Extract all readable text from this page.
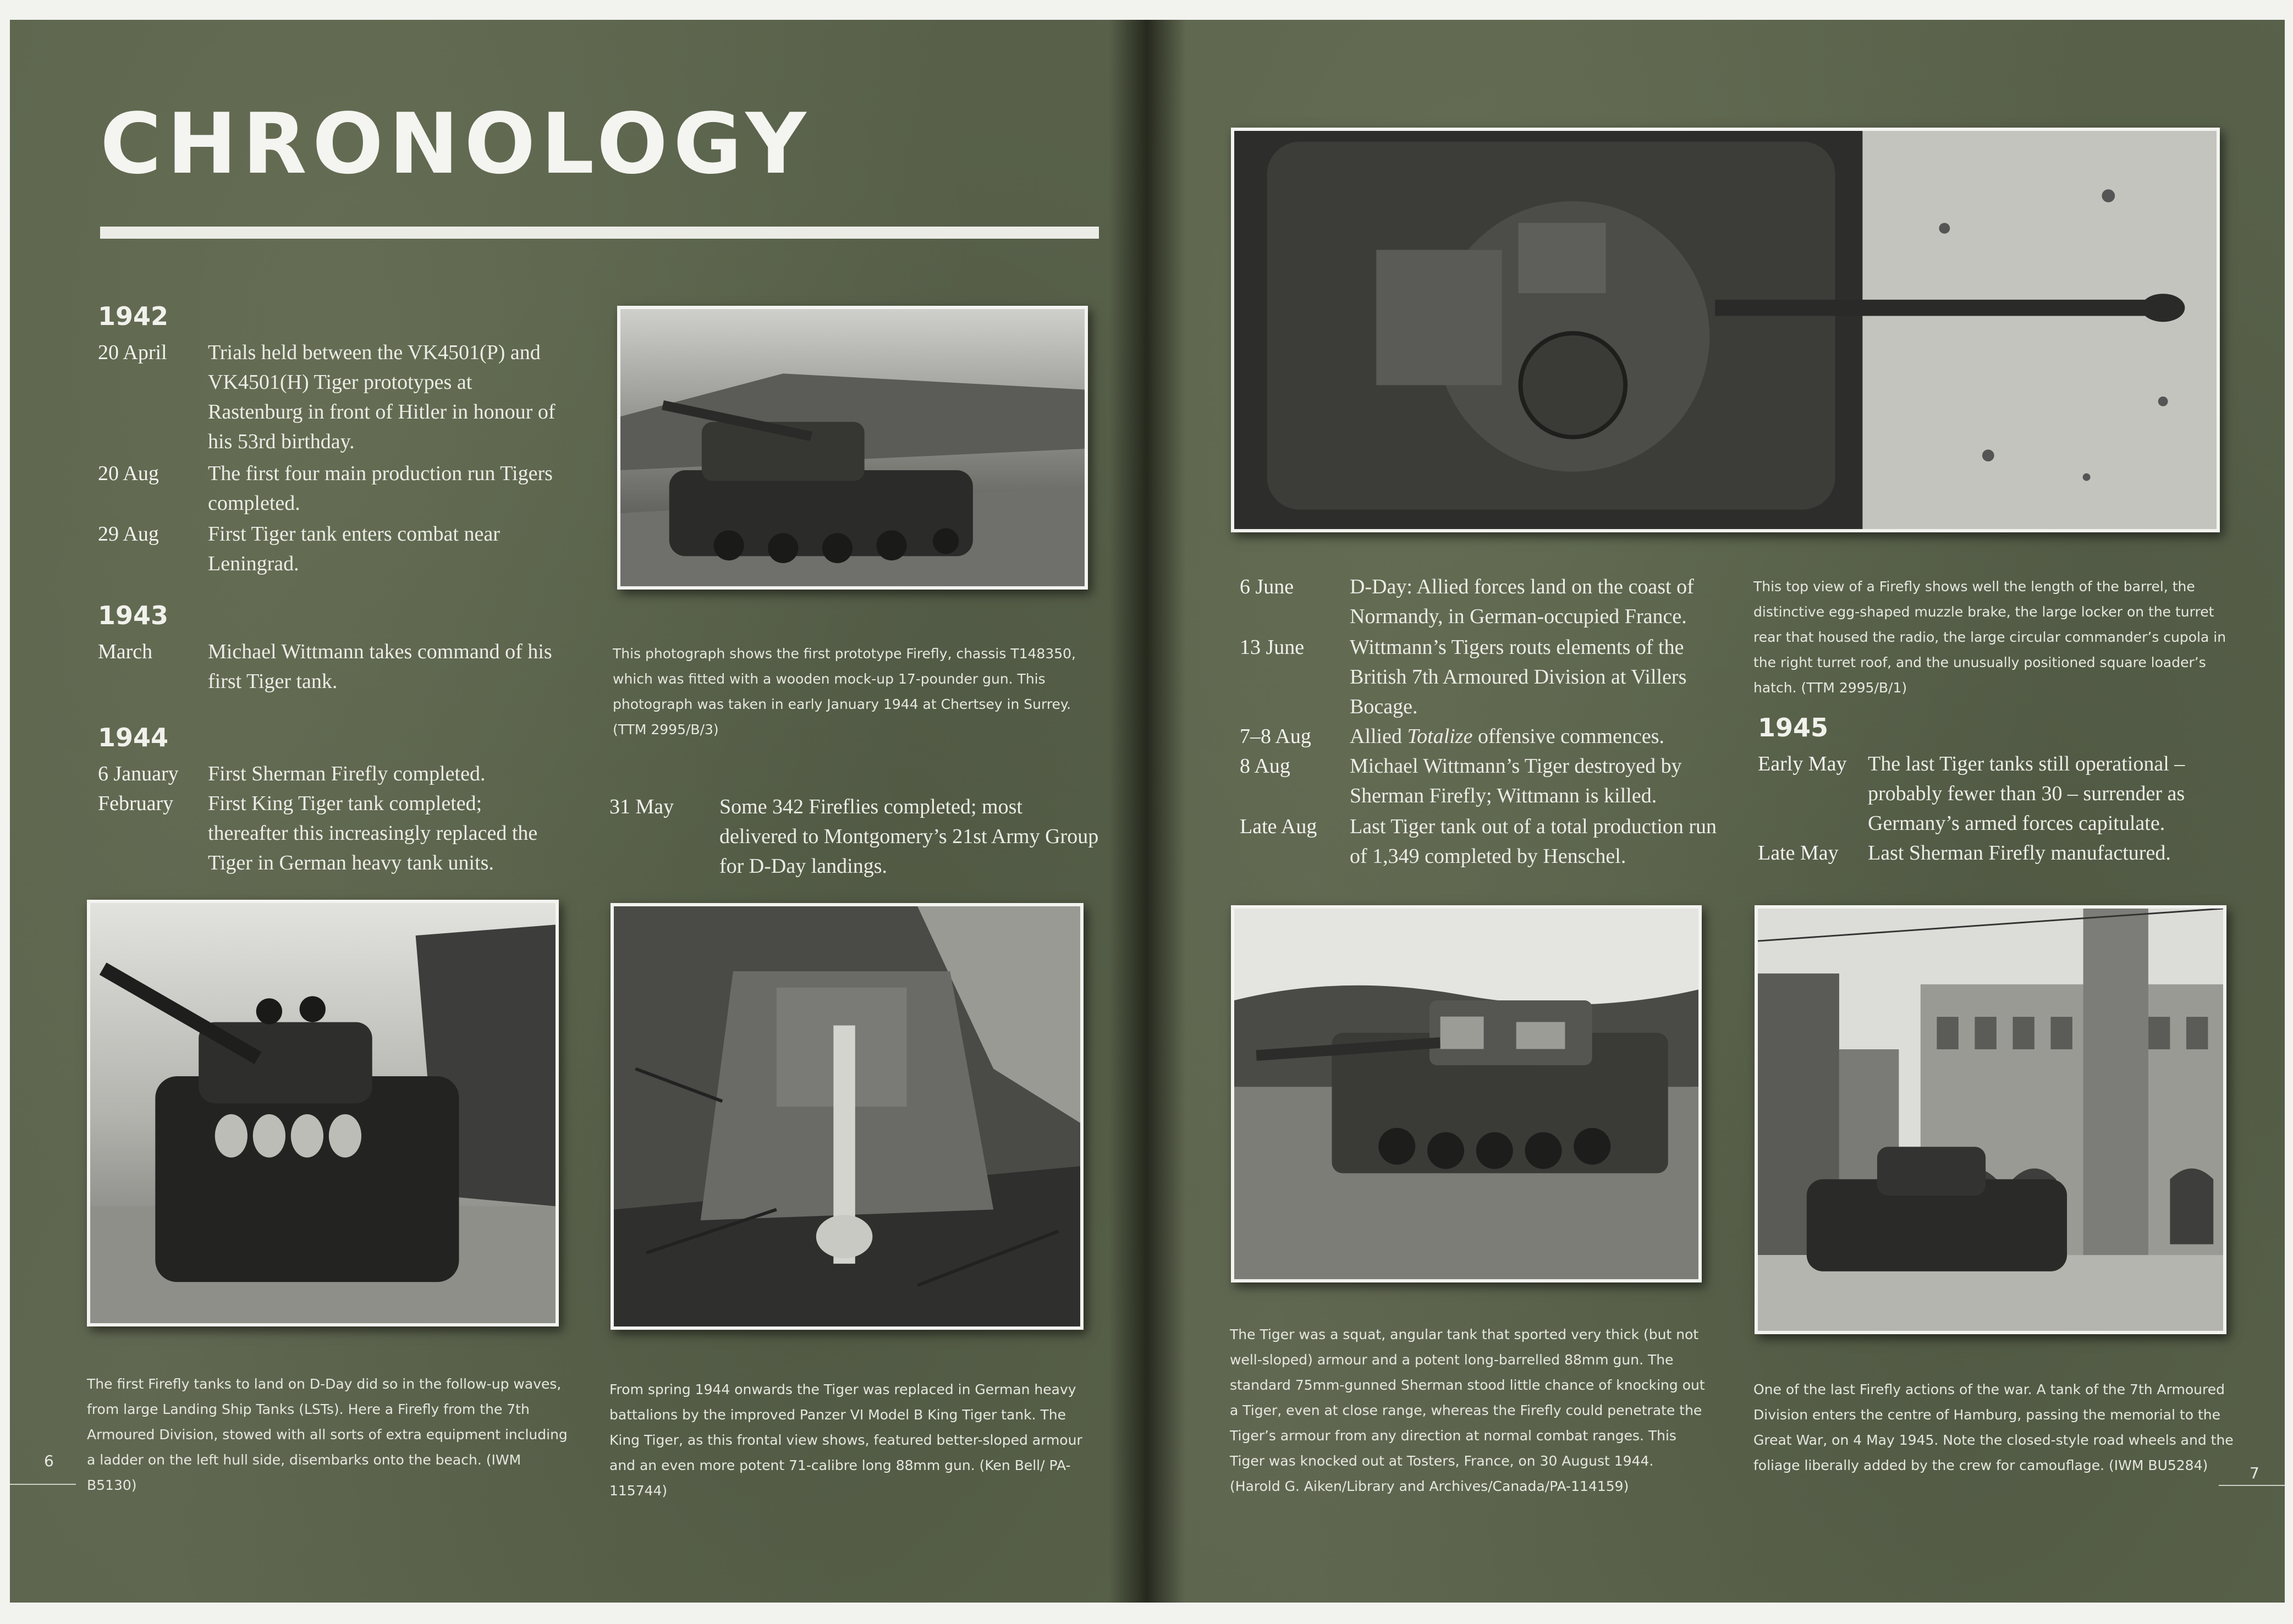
CHRONOLOGY
1942
20 April	Trials held between the VK4501(P) and VK4501(H) Tiger prototypes at Rastenburg in front of Hitler in honour of his 53rd birthday.
20 Aug	The first four main production run Tigers completed.
29 Aug	First Tiger tank enters combat near Leningrad.
1943
March	Michael Wittmann takes command of his first Tiger tank.
1944
6 January	First Sherman Firefly completed.
February	First King Tiger tank completed; thereafter this increasingly replaced the Tiger in German heavy tank units.
This photograph shows the first prototype Firefly, chassis T148350, which was fitted with a wooden mock-up 17-pounder gun. This photograph was taken in early January 1944 at Chertsey in Surrey. (TTM 2995/B/3)
31 May	Some 342 Fireflies completed; most delivered to Montgomery’s 21st Army Group for D-Day landings.
The first Firefly tanks to land on D-Day did so in the follow-up waves, from large Landing Ship Tanks (LSTs). Here a Firefly from the 7th Armoured Division, stowed with all sorts of extra equipment including a ladder on the left hull side, disembarks onto the beach. (IWM B5130)
From spring 1944 onwards the Tiger was replaced in German heavy battalions by the improved Panzer VI Model B King Tiger tank. The King Tiger, as this frontal view shows, featured better-sloped armour and an even more potent 71-calibre long 88mm gun. (Ken Bell/ PA-115744)
6
6 June	D-Day: Allied forces land on the coast of Normandy, in German-occupied France.
13 June	Wittmann’s Tigers routs elements of the British 7th Armoured Division at Villers Bocage.
7–8 Aug	Allied Totalize offensive commences.
8 Aug	Michael Wittmann’s Tiger destroyed by Sherman Firefly; Wittmann is killed.
Late Aug	Last Tiger tank out of a total production run of 1,349 completed by Henschel.
This top view of a Firefly shows well the length of the barrel, the distinctive egg-shaped muzzle brake, the large locker on the turret rear that housed the radio, the large circular commander’s cupola in the right turret roof, and the unusually positioned square loader’s hatch. (TTM 2995/B/1)
1945
Early May	The last Tiger tanks still operational – probably fewer than 30 – surrender as Germany’s armed forces capitulate.
Late May	Last Sherman Firefly manufactured.
The Tiger was a squat, angular tank that sported very thick (but not well-sloped) armour and a potent long-barrelled 88mm gun. The standard 75mm-gunned Sherman stood little chance of knocking out a Tiger, even at close range, whereas the Firefly could penetrate the Tiger’s armour from any direction at normal combat ranges. This Tiger was knocked out at Tosters, France, on 30 August 1944. (Harold G. Aiken/Library and Archives/Canada/PA-114159)
One of the last Firefly actions of the war. A tank of the 7th Armoured Division enters the centre of Hamburg, passing the memorial to the Great War, on 4 May 1945. Note the closed-style road wheels and the foliage liberally added by the crew for camouflage. (IWM BU5284)	7
